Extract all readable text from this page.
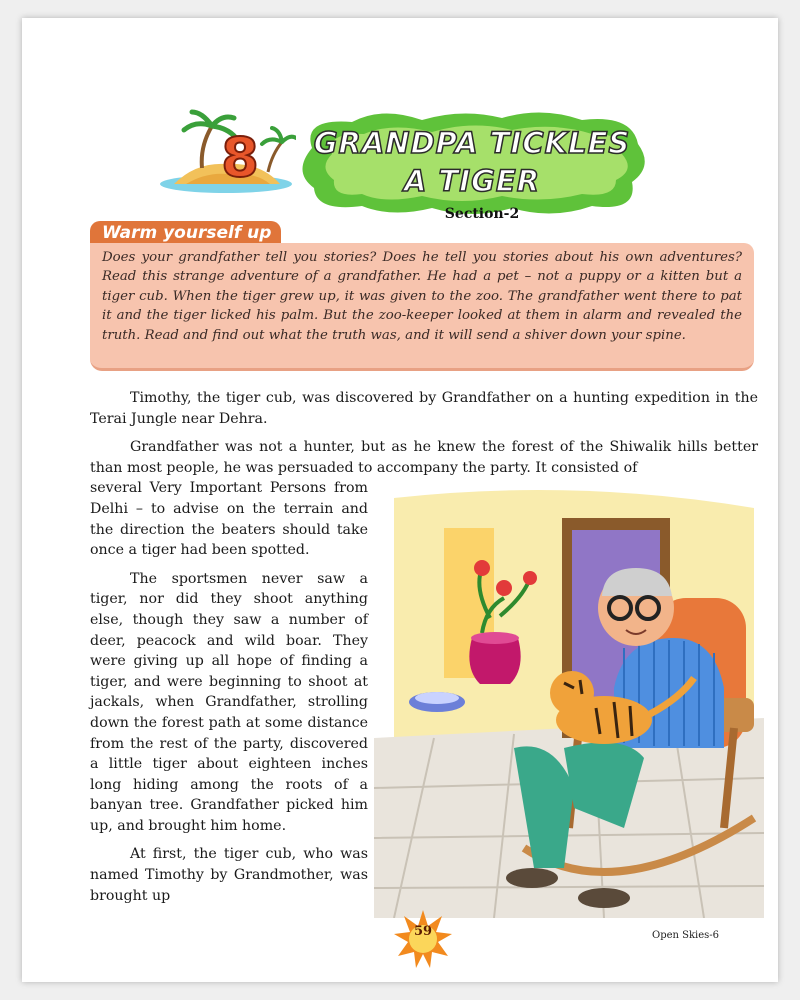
8	GRANDPA TICKLES
A TIGER
Section-2
Warm yourself up

Does your grandfather tell you stories? Does he tell you stories about his own adventures? Read this strange adventure of a grandfather. He had a pet – not a puppy or a kitten but a tiger cub. When the tiger grew up, it was given to the zoo. The grandfather went there to pat it and the tiger licked his palm. But the zoo-keeper looked at them in alarm and revealed the truth. Read and find out what the truth was, and it will send a shiver down your spine.

Timothy, the tiger cub, was discovered by Grandfather on a hunting expedition in the Terai Jungle near Dehra.

Grandfather was not a hunter, but as he knew the forest of the Shiwalik hills better than most people, he was persuaded to accompany the party. It consisted of

several Very Important Persons from Delhi – to advise on the terrain and the direction the beaters should take once a tiger had been spotted.

The sportsmen never saw a tiger, nor did they shoot anything else, though they saw a number of deer, peacock and wild boar. They were giving up all hope of finding a tiger, and were beginning to shoot at jackals, when Grandfather, strolling down the forest path at some distance from the rest of the party, discovered a little tiger about eighteen inches long hiding among the roots of a banyan tree. Grandfather picked him up, and brought him home.

At first, the tiger cub, who was named Timothy by Grandmother, was brought up

59	Open Skies-6
